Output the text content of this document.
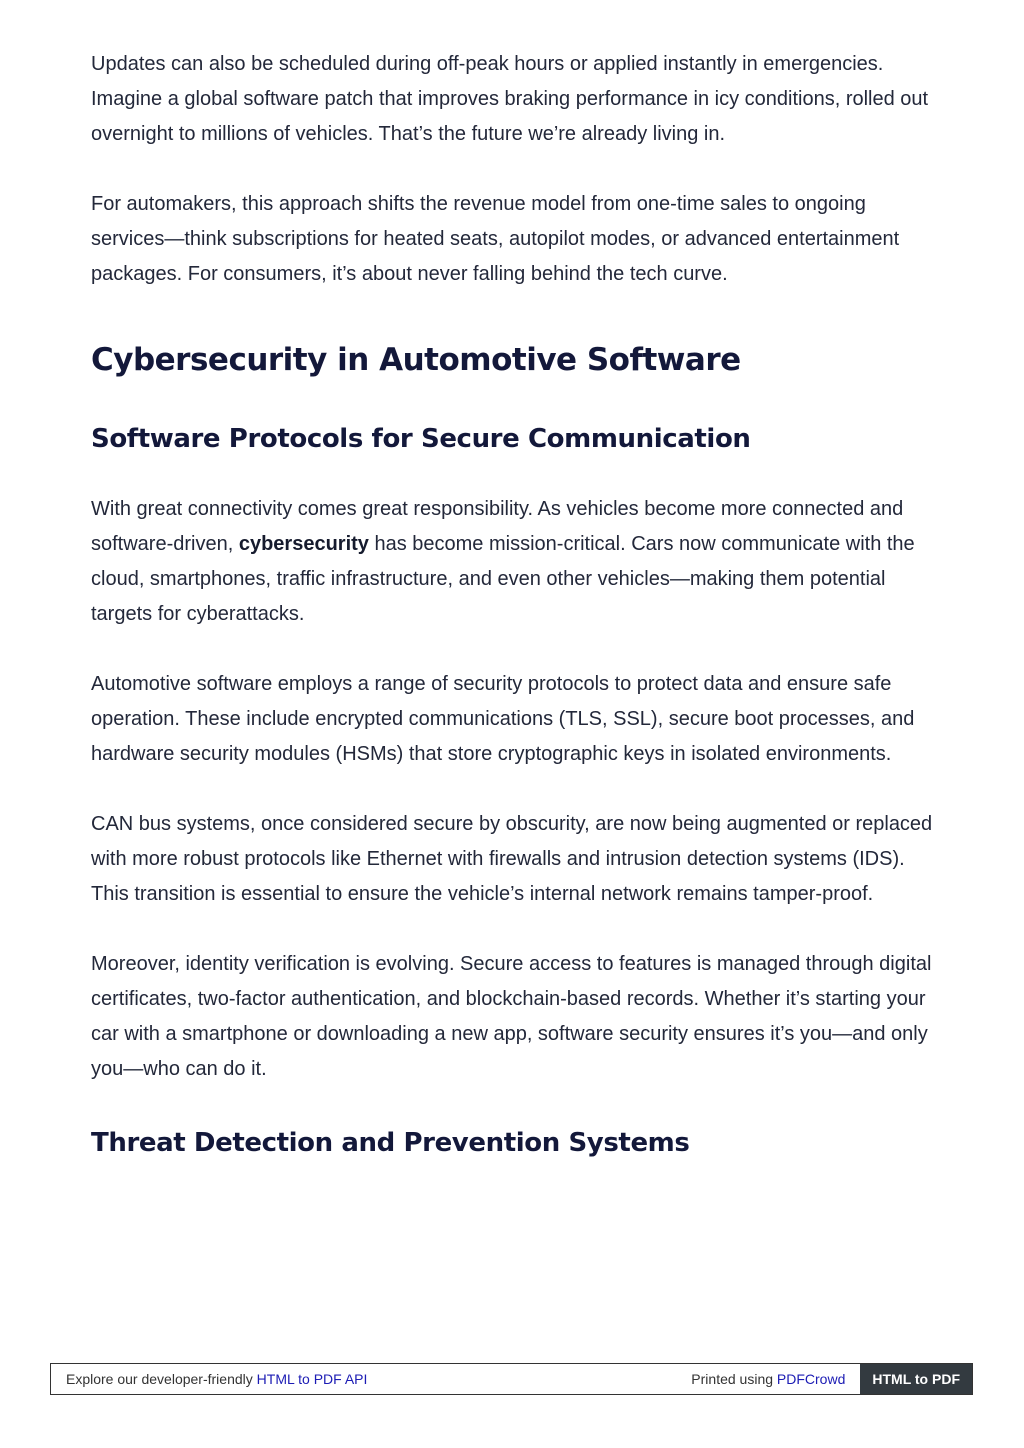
Updates can also be scheduled during off-peak hours or applied instantly in emergencies. Imagine a global software patch that improves braking performance in icy conditions, rolled out overnight to millions of vehicles. That’s the future we’re already living in.

For automakers, this approach shifts the revenue model from one-time sales to ongoing services—think subscriptions for heated seats, autopilot modes, or advanced entertainment packages. For consumers, it’s about never falling behind the tech curve.

Cybersecurity in Automotive Software
Software Protocols for Secure Communication

With great connectivity comes great responsibility. As vehicles become more connected and software-driven, cybersecurity has become mission-critical. Cars now communicate with the cloud, smartphones, traffic infrastructure, and even other vehicles—making them potential targets for cyberattacks.

Automotive software employs a range of security protocols to protect data and ensure safe operation. These include encrypted communications (TLS, SSL), secure boot processes, and hardware security modules (HSMs) that store cryptographic keys in isolated environments.

CAN bus systems, once considered secure by obscurity, are now being augmented or replaced with more robust protocols like Ethernet with firewalls and intrusion detection systems (IDS). This transition is essential to ensure the vehicle’s internal network remains tamper-proof.

Moreover, identity verification is evolving. Secure access to features is managed through digital certificates, two-factor authentication, and blockchain-based records. Whether it’s starting your car with a smartphone or downloading a new app, software security ensures it’s you—and only you—who can do it.

Threat Detection and Prevention Systems
Explore our developer-friendly HTML to PDF API	Printed using PDFCrowd	HTML to PDF
